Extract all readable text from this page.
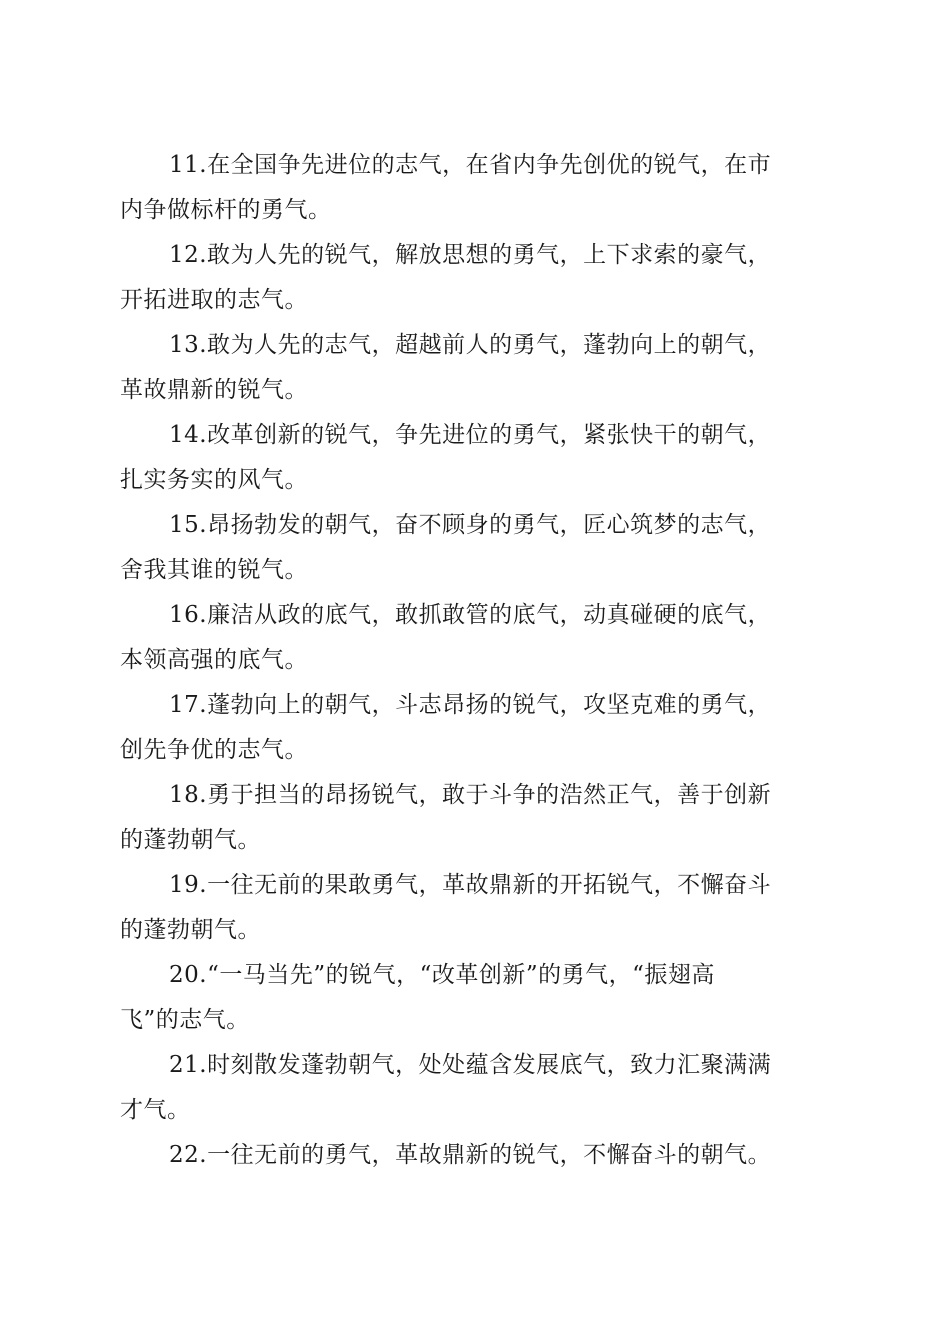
11.在全国争先进位的志气，在省内争先创优的锐气，在市
内争做标杆的勇气。
12.敢为人先的锐气，解放思想的勇气，上下求索的豪气，
开拓进取的志气。
13.敢为人先的志气，超越前人的勇气，蓬勃向上的朝气，
革故鼎新的锐气。
14.改革创新的锐气，争先进位的勇气，紧张快干的朝气，
扎实务实的风气。
15.昂扬勃发的朝气，奋不顾身的勇气，匠心筑梦的志气，
舍我其谁的锐气。
16.廉洁从政的底气，敢抓敢管的底气，动真碰硬的底气，
本领高强的底气。
17.蓬勃向上的朝气，斗志昂扬的锐气，攻坚克难的勇气，
创先争优的志气。
18.勇于担当的昂扬锐气，敢于斗争的浩然正气，善于创新
的蓬勃朝气。
19.一往无前的果敢勇气，革故鼎新的开拓锐气，不懈奋斗
的蓬勃朝气。
20.“一马当先”的锐气，“改革创新”的勇气，“振翅高
飞”的志气。
21.时刻散发蓬勃朝气，处处蕴含发展底气，致力汇聚满满
才气。
22.一往无前的勇气，革故鼎新的锐气，不懈奋斗的朝气。
